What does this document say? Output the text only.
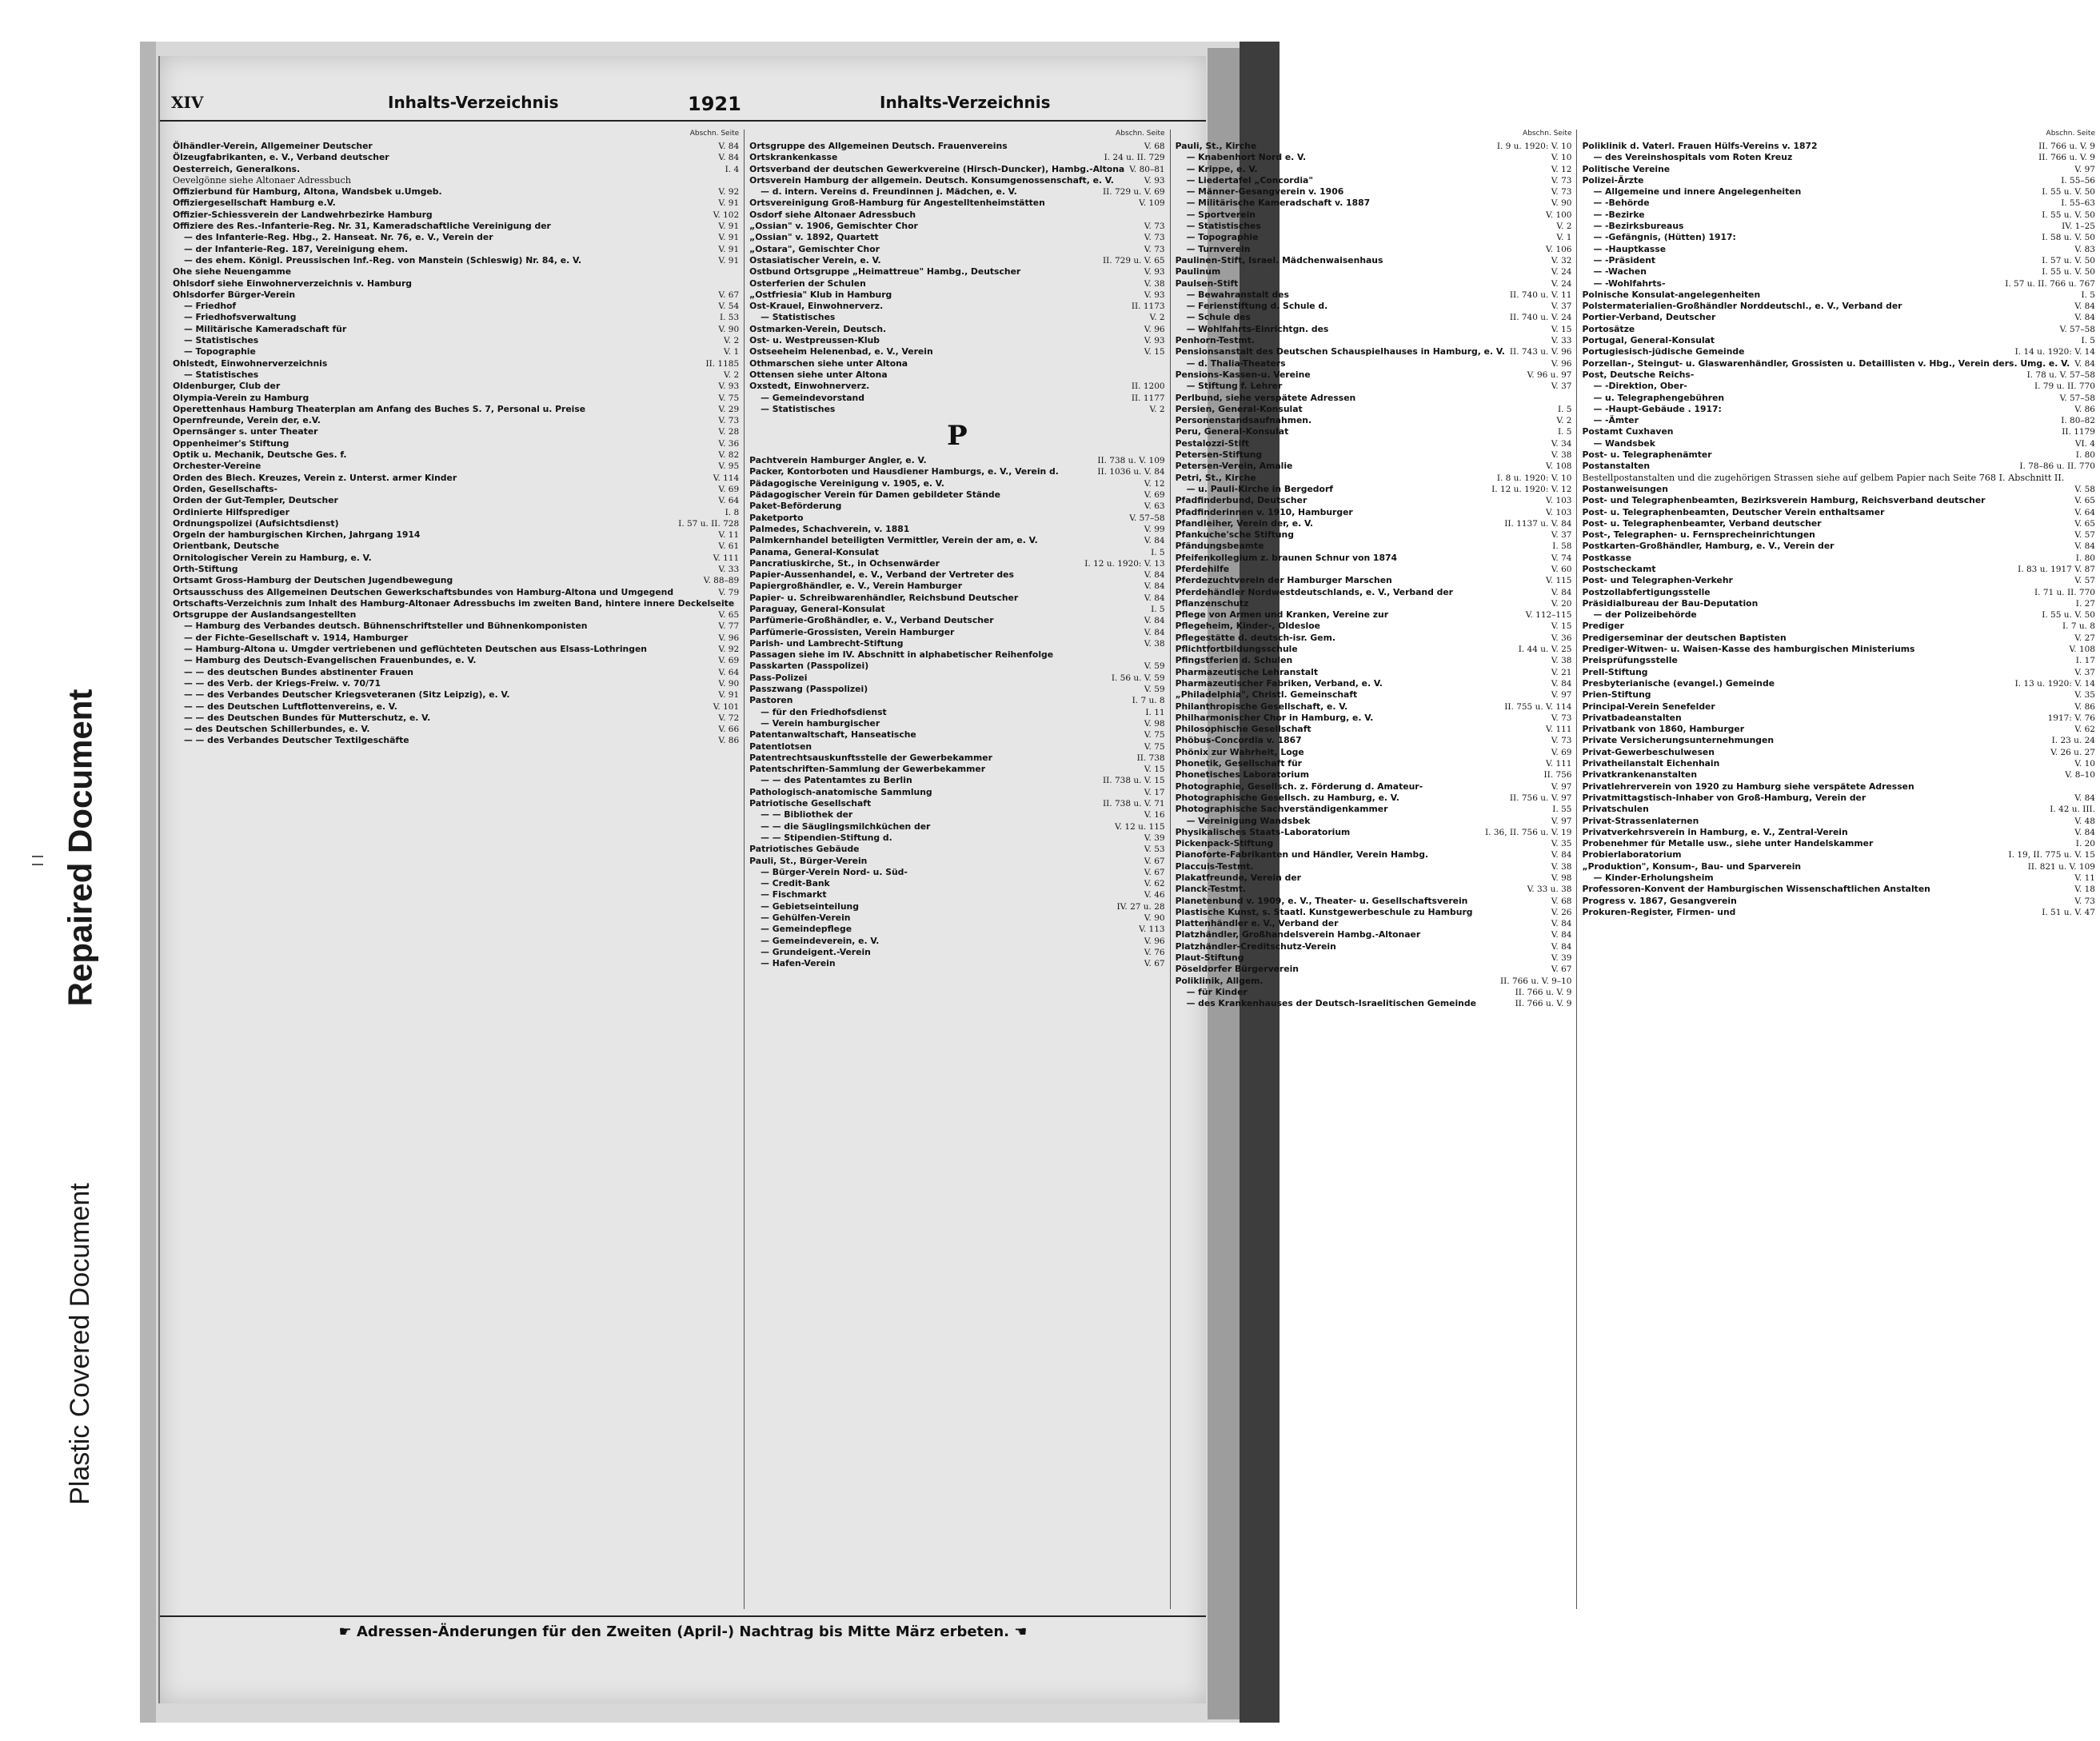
Repaired Document
Plastic Covered Document
XIV	Inhalts-Verzeichnis	1921	Inhalts-Verzeichnis
Abschn. Seite
Ölhändler-Verein, Allgemeiner Deutscher	V. 84
Ölzeugfabrikanten, e. V., Verband deutscher	V. 84
Oesterreich, Generalkons.	I. 4
Oevelgönne siehe Altonaer Adressbuch
Offizierbund für Hamburg, Altona, Wandsbek u.Umgeb.	V. 92
Offiziergesellschaft Hamburg e.V.	V. 91
Offizier-Schiessverein der Landwehrbezirke Hamburg	V. 102
Offiziere des Res.-Infanterie-Reg. Nr. 31, Kameradschaftliche Vereinigung der	V. 91
— des Infanterie-Reg. Hbg., 2. Hanseat. Nr. 76, e. V., Verein der	V. 91
— der Infanterie-Reg. 187, Vereinigung ehem.	V. 91
— des ehem. Königl. Preussischen Inf.-Reg. von Manstein (Schleswig) Nr. 84, e. V.	V. 91
Ohe siehe Neuengamme
Ohlsdorf siehe Einwohnerverzeichnis v. Hamburg
Ohlsdorfer Bürger-Verein	V. 67
— Friedhof	V. 54
— Friedhofsverwaltung	I. 53
— Militärische Kameradschaft für	V. 90
— Statistisches	V. 2
— Topographie	V. 1
Ohlstedt, Einwohnerverzeichnis	II. 1185
— Statistisches	V. 2
Oldenburger, Club der	V. 93
Olympia-Verein zu Hamburg	V. 75
Operettenhaus Hamburg Theaterplan am Anfang des Buches S. 7, Personal u. Preise	V. 29
Opernfreunde, Verein der, e.V.	V. 73
Opernsänger s. unter Theater	V. 28
Oppenheimer's Stiftung	V. 36
Optik u. Mechanik, Deutsche Ges. f.	V. 82
Orchester-Vereine	V. 95
Orden des Blech. Kreuzes, Verein z. Unterst. armer Kinder	V. 114
Orden, Gesellschafts-	V. 69
Orden der Gut-Templer, Deutscher	V. 64
Ordinierte Hilfsprediger	I. 8
Ordnungspolizei (Aufsichtsdienst)	I. 57 u. II. 728
Orgeln der hamburgischen Kirchen, Jahrgang 1914	V. 11
Orientbank, Deutsche	V. 61
Ornitologischer Verein zu Hamburg, e. V.	V. 111
Orth-Stiftung	V. 33
Ortsamt Gross-Hamburg der Deutschen Jugendbewegung	V. 88–89
Ortsausschuss des Allgemeinen Deutschen Gewerkschaftsbundes von Hamburg-Altona und Umgegend	V. 79
Ortschafts-Verzeichnis zum Inhalt des Hamburg-Altonaer Adressbuchs im zweiten Band, hintere innere Deckelseite
Ortsgruppe der Auslandsangestellten	V. 65
— Hamburg des Verbandes deutsch. Bühnenschriftsteller und Bühnenkomponisten	V. 77
— der Fichte-Gesellschaft v. 1914, Hamburger	V. 96
— Hamburg-Altona u. Umgder vertriebenen und geflüchteten Deutschen aus Elsass-Lothringen	V. 92
— Hamburg des Deutsch-Evangelischen Frauenbundes, e. V.	V. 69
— — des deutschen Bundes abstinenter Frauen	V. 64
— — des Verb. der Kriegs-Freiw. v. 70/71	V. 90
— — des Verbandes Deutscher Kriegsveteranen (Sitz Leipzig), e. V.	V. 91
— — des Deutschen Luftflottenvereins, e. V.	V. 101
— — des Deutschen Bundes für Mutterschutz, e. V.	V. 72
— des Deutschen Schillerbundes, e. V.	V. 66
— — des Verbandes Deutscher Textilgeschäfte	V. 86
Abschn. Seite
Ortsgruppe des Allgemeinen Deutsch. Frauenvereins	V. 68
Ortskrankenkasse	I. 24 u. II. 729
Ortsverband der deutschen Gewerkvereine (Hirsch-Duncker), Hambg.-Altona V. 80–81
Ortsverein Hamburg der allgemein. Deutsch. Konsumgenossenschaft, e. V.	V. 93
— d. intern. Vereins d. Freundinnen j. Mädchen, e. V.	II. 729 u. V. 69
Ortsvereinigung Groß-Hamburg für Angestelltenheimstätten	V. 109
Osdorf siehe Altonaer Adressbuch
„Ossian" v. 1906, Gemischter Chor	V. 73
„Ossian" v. 1892, Quartett	V. 73
„Ostara", Gemischter Chor	V. 73
Ostasiatischer Verein, e. V.	II. 729 u. V. 65
Ostbund Ortsgruppe „Heimattreue" Hambg., Deutscher	V. 93
Osterferien der Schulen	V. 38
„Ostfriesia" Klub in Hamburg	V. 93
Ost-Krauel, Einwohnerverz.	II. 1173
— Statistisches	V. 2
Ostmarken-Verein, Deutsch.	V. 96
Ost- u. Westpreussen-Klub	V. 93
Ostseeheim Helenenbad, e. V., Verein	V. 15
Othmarschen siehe unter Altona
Ottensen siehe unter Altona
Oxstedt, Einwohnerverz.	II. 1200
— Gemeindevorstand	II. 1177
— Statistisches	V. 2
P
Pachtverein Hamburger Angler, e. V.	II. 738 u. V. 109
Packer, Kontorboten und Hausdiener Hamburgs, e. V., Verein d.	II. 1036 u. V. 84
Pädagogische Vereinigung v. 1905, e. V.	V. 12
Pädagogischer Verein für Damen gebildeter Stände	V. 69
Paket-Beförderung	V. 63
Paketporto	V. 57–58
Palmedes, Schachverein, v. 1881	V. 99
Palmkernhandel beteiligten Vermittler, Verein der am, e. V.	V. 84
Panama, General-Konsulat	I. 5
Pancratiuskirche, St., in Ochsenwärder	I. 12 u. 1920: V. 13
Papier-Aussenhandel, e. V., Verband der Vertreter des	V. 84
Papiergroßhändler, e. V., Verein Hamburger	V. 84
Papier- u. Schreibwarenhändler, Reichsbund Deutscher	V. 84
Paraguay, General-Konsulat	I. 5
Parfümerie-Großhändler, e. V., Verband Deutscher	V. 84
Parfümerie-Grossisten, Verein Hamburger	V. 84
Parish- und Lambrecht-Stiftung	V. 38
Passagen siehe im IV. Abschnitt in alphabetischer Reihenfolge
Passkarten (Passpolizei)	V. 59
Pass-Polizei	I. 56 u. V. 59
Passzwang (Passpolizei)	V. 59
Pastoren	I. 7 u. 8
— für den Friedhofsdienst	I. 11
— Verein hamburgischer	V. 98
Patentanwaltschaft, Hanseatische	V. 75
Patentlotsen	V. 75
Patentrechtsauskunftsstelle der Gewerbekammer	II. 738
Patentschriften-Sammlung der Gewerbekammer	V. 15
— — des Patentamtes zu Berlin	II. 738 u. V. 15
Pathologisch-anatomische Sammlung	V. 17
Patriotische Gesellschaft	II. 738 u. V. 71
— — Bibliothek der	V. 16
— — die Säuglingsmilchküchen der	V. 12 u. 115
— — Stipendien-Stiftung d.	V. 39
Patriotisches Gebäude	V. 53
Pauli, St., Bürger-Verein	V. 67
— Bürger-Verein Nord- u. Süd-	V. 67
— Credit-Bank	V. 62
— Fischmarkt	V. 46
— Gebietseinteilung	IV. 27 u. 28
— Gehülfen-Verein	V. 90
— Gemeindepflege	V. 113
— Gemeindeverein, e. V.	V. 96
— Grundeigent.-Verein	V. 76
— Hafen-Verein	V. 67
Abschn. Seite
Pauli, St., Kirche	I. 9 u. 1920: V. 10
— Knabenhort Nord e. V.	V. 10
— Krippe, e. V.	V. 12
— Liedertafel „Concordia"	V. 73
— Männer-Gesangverein v. 1906	V. 73
— Militärische Kameradschaft v. 1887	V. 90
— Sportverein	V. 100
— Statistisches	V. 2
— Topographie	V. 1
— Turnverein	V. 106
Paulinen-Stift, Israel. Mädchenwaisenhaus	V. 32
Paulinum	V. 24
Paulsen-Stift	V. 24
— Bewahranstalt des	II. 740 u. V. 11
— Ferienstiftung d. Schule d.	V. 37
— Schule des	II. 740 u. V. 24
— Wohlfahrts-Einrichtgn. des	V. 15
Penhorn-Testmt.	V. 33
Pensionsanstalt des Deutschen Schauspielhauses in Hamburg, e. V. II. 743 u. V. 96
— d. Thalia-Theaters	V. 96
Pensions-Kassen-u. Vereine	V. 96 u. 97
— Stiftung f. Lehrer	V. 37
Perlbund, siehe verspätete Adressen
Persien, General-Konsulat	I. 5
Personenstandsaufnahmen.	V. 2
Peru, General-Konsulat	I. 5
Pestalozzi-Stift	V. 34
Petersen-Stiftung	V. 38
Petersen-Verein, Amalie	V. 108
Petri, St., Kirche	I. 8 u. 1920: V. 10
— u. Pauli-Kirche in Bergedorf	I. 12 u. 1920: V. 12
Pfadfinderbund, Deutscher	V. 103
Pfadfinderinnen v. 1910, Hamburger	V. 103
Pfandleiher, Verein der, e. V.	II. 1137 u. V. 84
Pfankuche'sche Stiftung	V. 37
Pfändungsbeamte	I. 58
Pfeifenkollegium z. braunen Schnur von 1874	V. 74
Pferdehilfe	V. 60
Pferdezuchtverein der Hamburger Marschen	V. 115
Pferdehändler Nordwestdeutschlands, e. V., Verband der	V. 84
Pflanzenschutz	V. 20
Pflege von Armen und Kranken, Vereine zur	V. 112–115
Pflegeheim, Kinder-, Oldesloe	V. 15
Pflegestätte d. deutsch-isr. Gem.	V. 36
Pflichtfortbildungsschule	I. 44 u. V. 25
Pfingstferien d. Schulen	V. 38
Pharmazeutische Lehranstalt	V. 21
Pharmazeutischer Fabriken, Verband, e. V.	V. 84
„Philadelphia", Christl. Gemeinschaft	V. 97
Philanthropische Gesellschaft, e. V.	II. 755 u. V. 114
Philharmonischer Chor in Hamburg, e. V.	V. 73
Philosophische Gesellschaft	V. 111
Phöbus-Concordia v. 1867	V. 73
Phönix zur Wahrheit, Loge	V. 69
Phonetik, Gesellschaft für	V. 111
Phonetisches Laboratorium	II. 756
Photographie, Gesellsch. z. Förderung d. Amateur-	V. 97
Photographische Gesellsch. zu Hamburg, e. V.	II. 756 u. V. 97
Photographische Sachverständigenkammer	I. 55
— Vereinigung Wandsbek	V. 97
Physikalisches Staats-Laboratorium	I. 36, II. 756 u. V. 19
Pickenpack-Stiftung	V. 35
Pianoforte-Fabrikanten und Händler, Verein Hambg.	V. 84
Placcuis-Testmt.	V. 38
Plakatfreunde, Verein der	V. 98
Planck-Testmt.	V. 33 u. 38
Planetenbund v. 1909, e. V., Theater- u. Gesellschaftsverein	V. 68
Plastische Kunst, s. Staatl. Kunstgewerbeschule zu Hamburg	V. 26
Plattenhändler e. V., Verband der	V. 84
Platzhändler, Großhandelsverein Hambg.-Altonaer	V. 84
Platzhändler-Creditschutz-Verein	V. 84
Plaut-Stiftung	V. 39
Pöseldorfer Bürgerverein	V. 67
Poliklinik, Allgem.	II. 766 u. V. 9–10
— für Kinder	II. 766 u. V. 9
— des Krankenhauses der Deutsch-Israelitischen Gemeinde	II. 766 u. V. 9
Abschn. Seite
Poliklinik d. Vaterl. Frauen Hülfs-Vereins v. 1872	II. 766 u. V. 9
— des Vereinshospitals vom Roten Kreuz	II. 766 u. V. 9
Politische Vereine	V. 97
Polizei-Ärzte	I. 55–56
— Allgemeine und innere Angelegenheiten	I. 55 u. V. 50
— -Behörde	I. 55–63
— -Bezirke	I. 55 u. V. 50
— -Bezirksbureaus	IV. 1–25
— -Gefängnis, (Hütten) 1917:	I. 58 u. V. 50
— -Hauptkasse	V. 83
— -Präsident	I. 57 u. V. 50
— -Wachen	I. 55 u. V. 50
— -Wohlfahrts-	I. 57 u. II. 766 u. 767
Polnische Konsulat-angelegenheiten	I. 5
Polstermaterialien-Großhändler Norddeutschl., e. V., Verband der	V. 84
Portier-Verband, Deutscher	V. 84
Portosätze	V. 57–58
Portugal, General-Konsulat	I. 5
Portugiesisch-jüdische Gemeinde	I. 14 u. 1920: V. 14
Porzellan-, Steingut- u. Glaswarenhändler, Grossisten u. Detaillisten v. Hbg., Verein ders. Umg. e. V. V. 84
Post, Deutsche Reichs-	I. 78 u. V. 57–58
— -Direktion, Ober-	I. 79 u. II. 770
— u. Telegraphengebühren	V. 57–58
— -Haupt-Gebäude . 1917:	V. 86
— -Ämter	I. 80–82
Postamt Cuxhaven	II. 1179
— Wandsbek	VI. 4
Post- u. Telegraphenämter	I. 80
Postanstalten	I. 78–86 u. II. 770
Bestellpostanstalten und die zugehörigen Strassen siehe auf gelbem Papier nach Seite 768 I. Abschnitt II.
Postanweisungen	V. 58
Post- und Telegraphenbeamten, Bezirksverein Hamburg, Reichsverband deutscher	V. 65
Post- u. Telegraphenbeamten, Deutscher Verein enthaltsamer	V. 64
Post- u. Telegraphenbeamter, Verband deutscher	V. 65
Post-, Telegraphen- u. Fernsprecheinrichtungen	V. 57
Postkarten-Großhändler, Hamburg, e. V., Verein der	V. 84
Postkasse	I. 80
Postscheckamt	I. 83 u. 1917 V. 87
Post- und Telegraphen-Verkehr	V. 57
Postzollabfertigungsstelle	I. 71 u. II. 770
Präsidialbureau der Bau-Deputation	I. 27
— der Polizeibehörde	I. 55 u. V. 50
Prediger	I. 7 u. 8
Predigerseminar der deutschen Baptisten	V. 27
Prediger-Witwen- u. Waisen-Kasse des hamburgischen Ministeriums	V. 108
Preisprüfungsstelle	I. 17
Prell-Stiftung	V. 37
Presbyterianische (evangel.) Gemeinde	I. 13 u. 1920: V. 14
Prien-Stiftung	V. 35
Principal-Verein Senefelder	V. 86
Privatbadeanstalten	1917: V. 76
Privatbank von 1860, Hamburger	V. 62
Private Versicherungsunternehmungen	I. 23 u. 24
Privat-Gewerbeschulwesen	V. 26 u. 27
Privatheilanstalt Eichenhain	V. 10
Privatkrankenanstalten	V. 8–10
Privatlehrerverein von 1920 zu Hamburg siehe verspätete Adressen
Privatmittagstisch-Inhaber von Groß-Hamburg, Verein der	V. 84
Privatschulen	I. 42 u. III.
Privat-Strassenlaternen	V. 48
Privatverkehrsverein in Hamburg, e. V., Zentral-Verein	V. 84
Probenehmer für Metalle usw., siehe unter Handelskammer	I. 20
Probierlaboratorium	I. 19, II. 775 u. V. 15
„Produktion", Konsum-, Bau- und Sparverein	II. 821 u. V. 109
— Kinder-Erholungsheim	V. 11
Professoren-Konvent der Hamburgischen Wissenschaftlichen Anstalten	V. 18
Progress v. 1867, Gesangverein	V. 73
Prokuren-Register, Firmen- und	I. 51 u. V. 47
☛ Adressen-Änderungen für den Zweiten (April-) Nachtrag bis Mitte März erbeten. ☚
